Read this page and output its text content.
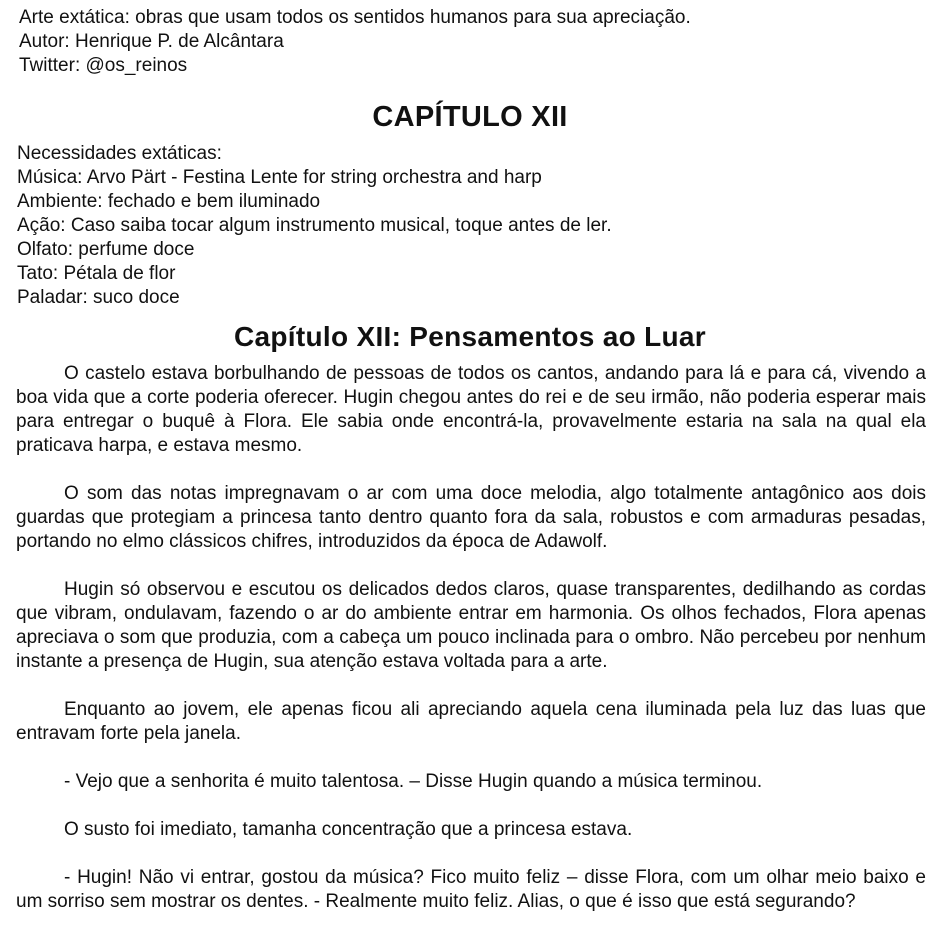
Arte extática: obras que usam todos os sentidos humanos para sua apreciação.
Autor: Henrique P. de Alcântara
Twitter: @os_reinos
CAPÍTULO XII
Necessidades extáticas:
Música: Arvo Pärt - Festina Lente for string orchestra and harp
Ambiente: fechado e bem iluminado
Ação: Caso saiba tocar algum instrumento musical, toque antes de ler.
Olfato: perfume doce
Tato: Pétala de flor
Paladar: suco doce
Capítulo XII: Pensamentos ao Luar

O castelo estava borbulhando de pessoas de todos os cantos, andando para lá e para cá, vivendo a boa vida que a corte poderia oferecer. Hugin chegou antes do rei e de seu irmão, não poderia esperar mais para entregar o buquê à Flora. Ele sabia onde encontrá-la, provavelmente estaria na sala na qual ela praticava harpa, e estava mesmo.

O som das notas impregnavam o ar com uma doce melodia, algo totalmente antagônico aos dois guardas que protegiam a princesa tanto dentro quanto fora da sala, robustos e com armaduras pesadas, portando no elmo clássicos chifres, introduzidos da época de Adawolf.

Hugin só observou e escutou os delicados dedos claros, quase transparentes, dedilhando as cordas que vibram, ondulavam, fazendo o ar do ambiente entrar em harmonia. Os olhos fechados, Flora apenas apreciava o som que produzia, com a cabeça um pouco inclinada para o ombro. Não percebeu por nenhum instante a presença de Hugin, sua atenção estava voltada para a arte.

Enquanto ao jovem, ele apenas ficou ali apreciando aquela cena iluminada pela luz das luas que entravam forte pela janela.

- Vejo que a senhorita é muito talentosa. – Disse Hugin quando a música terminou.

O susto foi imediato, tamanha concentração que a princesa estava.

- Hugin! Não vi entrar, gostou da música? Fico muito feliz – disse Flora, com um olhar meio baixo e um sorriso sem mostrar os dentes. - Realmente muito feliz. Alias, o que é isso que está segurando?
